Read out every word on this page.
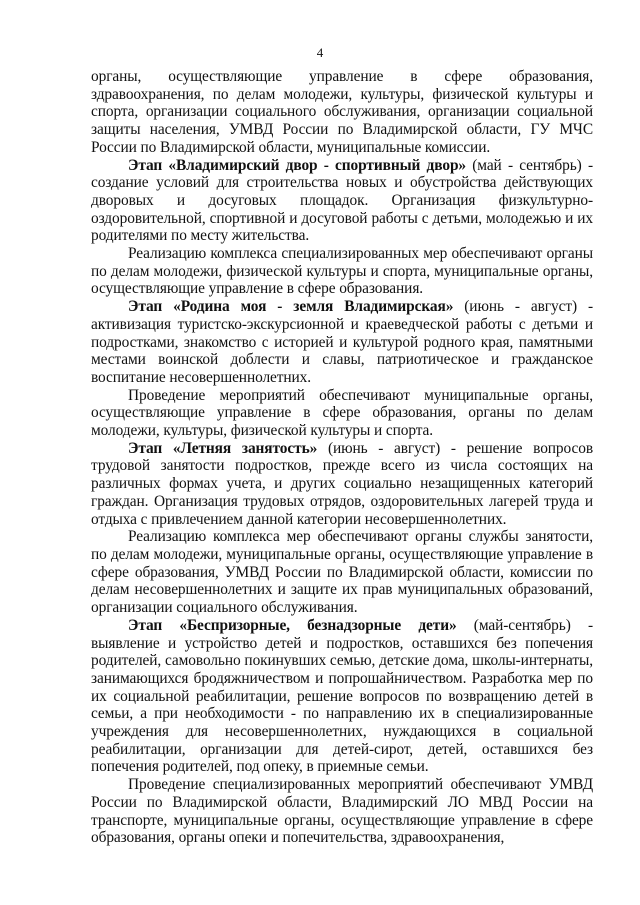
4

органы, осуществляющие управление в сфере образования, здравоохранения, по делам молодежи, культуры, физической культуры и спорта, организации социального обслуживания, организации социальной защиты населения, УМВД России по Владимирской области, ГУ МЧС России по Владимирской области, муниципальные комиссии.

Этап «Владимирский двор - спортивный двор» (май - сентябрь) - создание условий для строительства новых и обустройства действующих дворовых и досуговых площадок. Организация физкультурно-оздоровительной, спортивной и досуговой работы с детьми, молодежью и их родителями по месту жительства.

Реализацию комплекса специализированных мер обеспечивают органы по делам молодежи, физической культуры и спорта, муниципальные органы, осуществляющие управление в сфере образования.

Этап «Родина моя - земля Владимирская» (июнь - август) - активизация туристско-экскурсионной и краеведческой работы с детьми и подростками, знакомство с историей и культурой родного края, памятными местами воинской доблести и славы, патриотическое и гражданское воспитание несовершеннолетних.

Проведение мероприятий обеспечивают муниципальные органы, осуществляющие управление в сфере образования, органы по делам молодежи, культуры, физической культуры и спорта.

Этап «Летняя занятость» (июнь - август) - решение вопросов трудовой занятости подростков, прежде всего из числа состоящих на различных формах учета, и других социально незащищенных категорий граждан. Организация трудовых отрядов, оздоровительных лагерей труда и отдыха с привлечением данной категории несовершеннолетних.

Реализацию комплекса мер обеспечивают органы службы занятости, по делам молодежи, муниципальные органы, осуществляющие управление в сфере образования, УМВД России по Владимирской области, комиссии по делам несовершеннолетних и защите их прав муниципальных образований, организации социального обслуживания.

Этап «Беспризорные, безнадзорные дети» (май-сентябрь) - выявление и устройство детей и подростков, оставшихся без попечения родителей, самовольно покинувших семью, детские дома, школы-интернаты, занимающихся бродяжничеством и попрошайничеством. Разработка мер по их социальной реабилитации, решение вопросов по возвращению детей в семьи, а при необходимости - по направлению их в специализированные учреждения для несовершеннолетних, нуждающихся в социальной реабилитации, организации для детей-сирот, детей, оставшихся без попечения родителей, под опеку, в приемные семьи.

Проведение специализированных мероприятий обеспечивают УМВД России по Владимирской области, Владимирский ЛО МВД России на транспорте, муниципальные органы, осуществляющие управление в сфере образования, органы опеки и попечительства, здравоохранения,
